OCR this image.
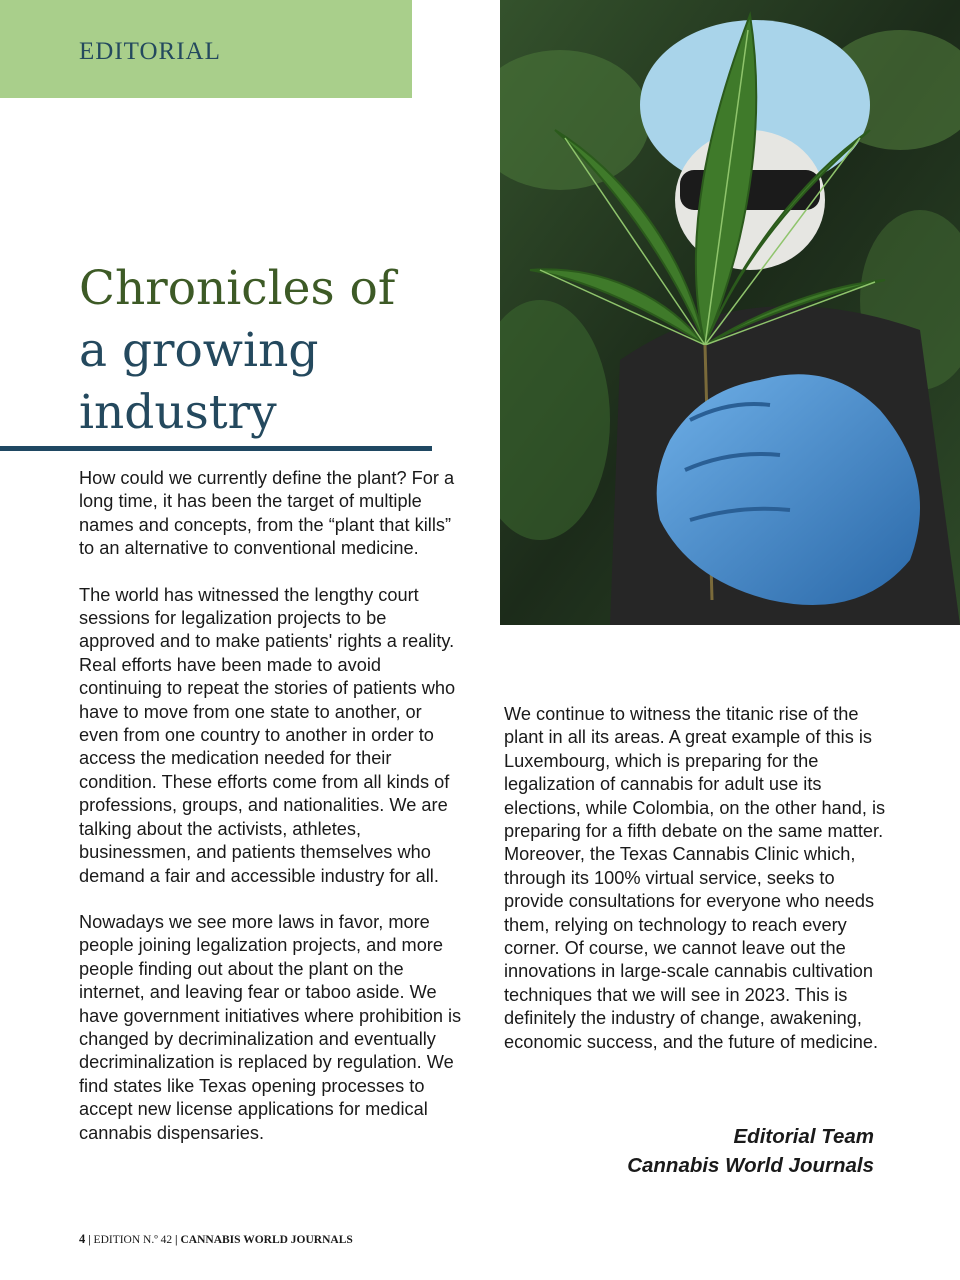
EDITORIAL
Chronicles of
a growing
industry

How could we currently define the plant? For a long time, it has been the target of multiple names and concepts, from the “plant that kills” to an alternative to conventional medicine.

The world has witnessed the lengthy court sessions for legalization projects to be approved and to make patients' rights a reality. Real efforts have been made to avoid continuing to repeat the stories of patients who have to move from one state to another, or even from one country to another in order to access the medication needed for their condition. These efforts come from all kinds of professions, groups, and nationalities. We are talking about the activists, athletes, businessmen, and patients themselves who demand a fair and accessible industry for all.

Nowadays we see more laws in favor, more people joining legalization projects, and more people finding out about the plant on the internet, and leaving fear or taboo aside. We have government initiatives where prohibition is changed by decriminalization and eventually decriminalization is replaced by regulation. We find states like Texas opening processes to accept new license applications for medical cannabis dispensaries.

We continue to witness the titanic rise of the plant in all its areas. A great example of this is Luxembourg, which is preparing for the legalization of cannabis for adult use its elections, while Colombia, on the other hand, is preparing for a fifth debate on the same matter. Moreover, the Texas Cannabis Clinic which, through its 100% virtual service, seeks to provide consultations for everyone who needs them, relying on technology to reach every corner. Of course, we cannot leave out the innovations in large-scale cannabis cultivation techniques that we will see in 2023. This is definitely the industry of change, awakening, economic success, and the future of medicine.

Editorial Team
Cannabis World Journals
4 | EDITION N.º 42 | CANNABIS WORLD JOURNALS
